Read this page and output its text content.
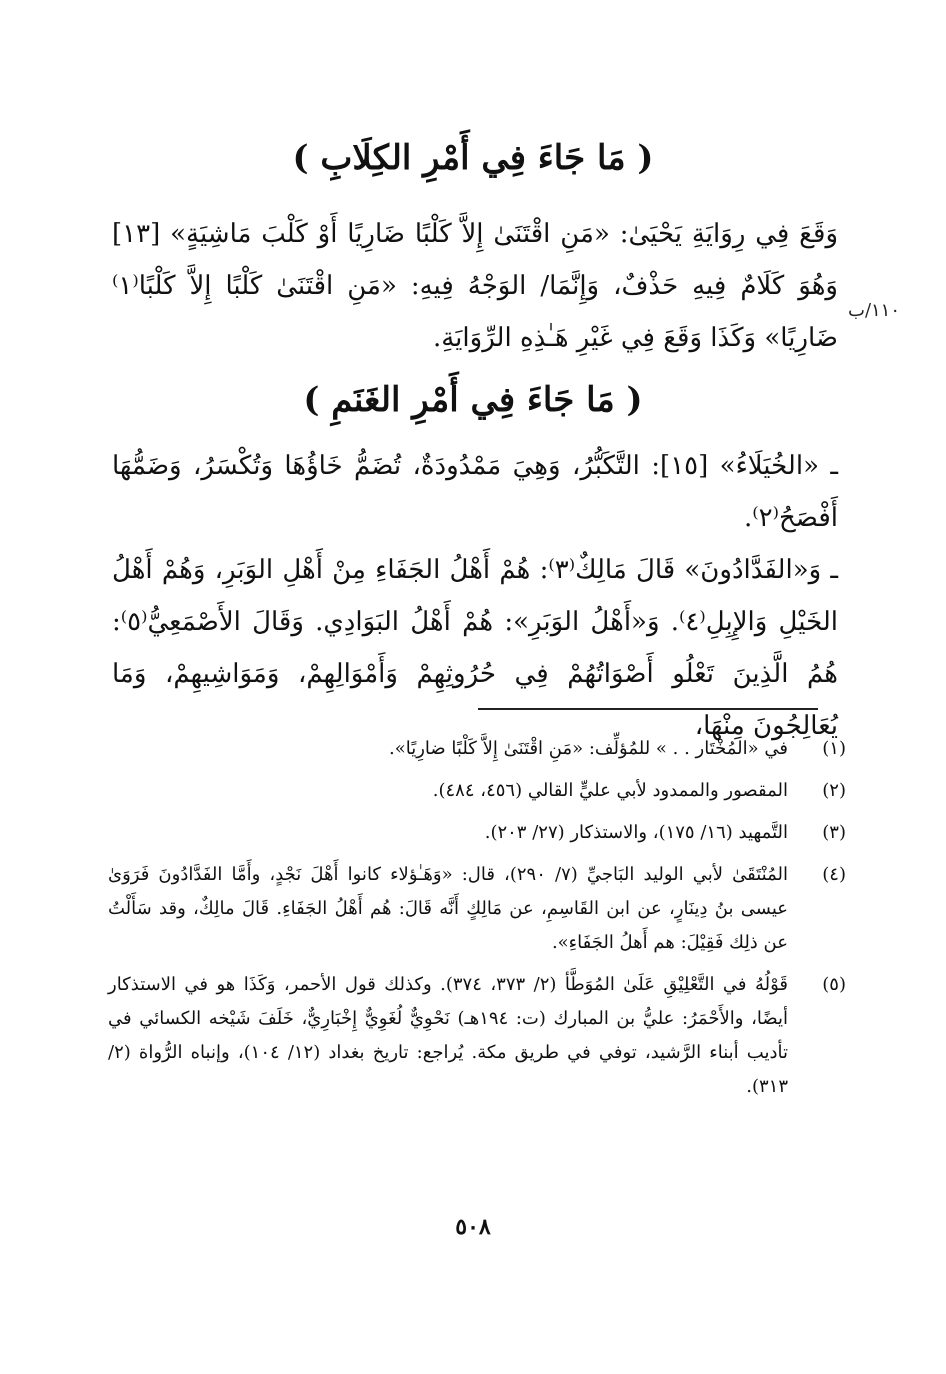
( مَا جَاءَ فِي أَمْرِ الكِلَابِ )

وَقَعَ فِي رِوَايَةِ يَحْيَىٰ: «مَنِ اقْتَنَىٰ إِلاَّ كَلْبًا ضَارِيًا أَوْ كَلْبَ مَاشِيَةٍ» [١٣] وَهُوَ كَلَامٌ فِيهِ حَذْفٌ، وَإِنَّمَا/ الوَجْهُ فِيهِ: «مَنِ اقْتَنَىٰ كَلْبًا إِلاَّ كَلْبًا⁽١⁾ ضَارِيًا» وَكَذَا وَقَعَ فِي غَيْرِ هَـٰذِهِ الرِّوَايَةِ.

١١٠/ب
( مَا جَاءَ فِي أَمْرِ الغَنَمِ )

ـ «الخُيَلَاءُ» [١٥]: التَّكَبُّرُ، وَهِيَ مَمْدُودَةٌ، تُضَمُّ خَاؤُهَا وَتُكْسَرُ، وَضَمُّهَا أَفْصَحُ⁽٢⁾.

ـ وَ«الفَدَّادُونَ» قَالَ مَالِكٌ⁽٣⁾: هُمْ أَهْلُ الجَفَاءِ مِنْ أَهْلِ الوَبَرِ، وَهُمْ أَهْلُ الخَيْلِ وَالإِبِلِ⁽٤⁾. وَ«أَهْلُ الوَبَرِ»: هُمْ أَهْلُ البَوَادِي. وَقَالَ الأَصْمَعِيُّ⁽٥⁾: هُمُ الَّذِينَ تَعْلُو أَصْوَاتُهُمْ فِي حُرُوثِهِمْ وَأَمْوَالِهِمْ، وَمَوَاشِيهِمْ، وَمَا يُعَالِجُونَ مِنْهَا،

(١)
في «المُخْتَار . . » للمُؤلِّف: «مَنِ اقْتَنَىٰ إِلاَّ كَلْبًا ضارِيًا».
(٢)
المقصور والممدود لأبي عليٍّ القالي (٤٥٦، ٤٨٤).
(٣)
التَّمهيد (١٦/ ١٧٥)، والاستذكار (٢٧/ ٢٠٣).
(٤)
المُنْتَقَىٰ لأبي الوليد البَاجيِّ (٧/ ٢٩٠)، قال: «وَهَـٰؤلاء كانوا أَهْلَ نَجْدٍ، وأَمَّا الفَدَّادُونَ فَرَوَىٰ عيسى بنُ دِينَارٍ، عن ابن القَاسِمِ، عن مَالِكٍ أَنَّه قَالَ: هُم أَهْلُ الجَفَاءِ. قَالَ مالِكٌ، وقد سَأَلْتُ عن ذلِك فَقِيْلَ: هم أَهلُ الجَفَاءِ».
(٥)
قَوْلُهُ في التَّعْلِيْقِ عَلَىٰ المُوَطَّأ (٢/ ٣٧٣، ٣٧٤). وكذلك قول الأحمر، وَكَذَا هو في الاستذكار أيضًا، والأَحْمَرُ: عليُّ بن المبارك (ت: ١٩٤هـ) نَحْوِيٌّ لُغَوِيٌّ إِخْبَارِيٌّ، خَلَفَ شَيْخه الكسائي في تأديب أبناء الرَّشيد، توفي في طريق مكة. يُراجع: تاريخ بغداد (١٢/ ١٠٤)، وإنباه الرُّواة (٢/ ٣١٣).
٥٠٨
